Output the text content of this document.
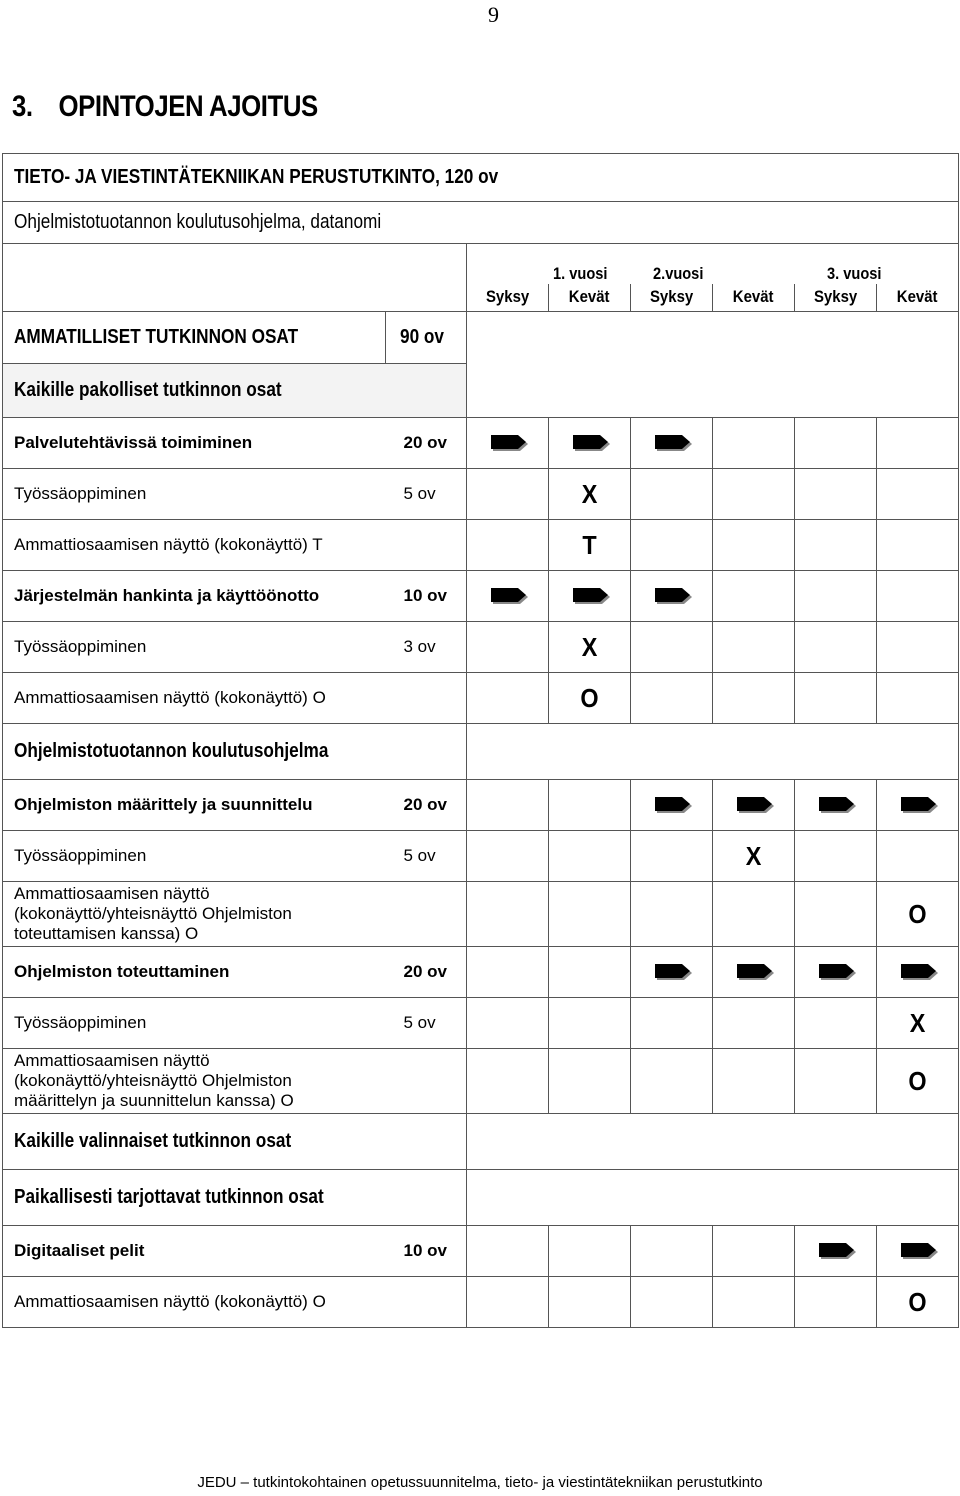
9
3. OPINTOJEN AJOITUS
TIETO- JA VIESTINTÄTEKNIIKAN PERUSTUTKINTO, 120 ov							
Ohjelmistotuotannon koulutusohjelma, datanomi							
		1. vuosi		2.vuosi		3. vuosi	
		Syksy	Kevät	Syksy	Kevät	Syksy	Kevät
AMMATILLISET TUTKINNON OSAT	90 ov						
Kaikille pakolliset tutkinnon osat							
Palvelutehtävissä toimiminen	20 ov	

Työssäoppiminen	5 ov		X				

Ammattiosaamisen näyttö (kokonäyttö) T			T				

Järjestelmän hankinta ja käyttöönotto	10 ov	

Työssäoppiminen	3 ov		X				

Ammattiosaamisen näyttö (kokonäyttö) O			O				

Ohjelmistotuotannon koulutusohjelma							
Ohjelmiston määrittely ja suunnittelu	20 ov			

Työssäoppiminen	5 ov				X		

Ammattiosaamisen näyttö (kokonäyttö/yhteisnäyttö Ohjelmiston toteuttamisen kanssa) O							O

Ohjelmiston toteuttaminen	20 ov			

Työssäoppiminen	5 ov						X

Ammattiosaamisen näyttö (kokonäyttö/yhteisnäyttö Ohjelmiston määrittelyn ja suunnittelun kanssa) O							O

Kaikille valinnaiset tutkinnon osat							
Paikallisesti tarjottavat tutkinnon osat							
Digitaaliset pelit	10 ov					

Ammattiosaamisen näyttö (kokonäyttö) O							O
JEDU – tutkintokohtainen opetussuunnitelma, tieto- ja viestintätekniikan perustutkinto
